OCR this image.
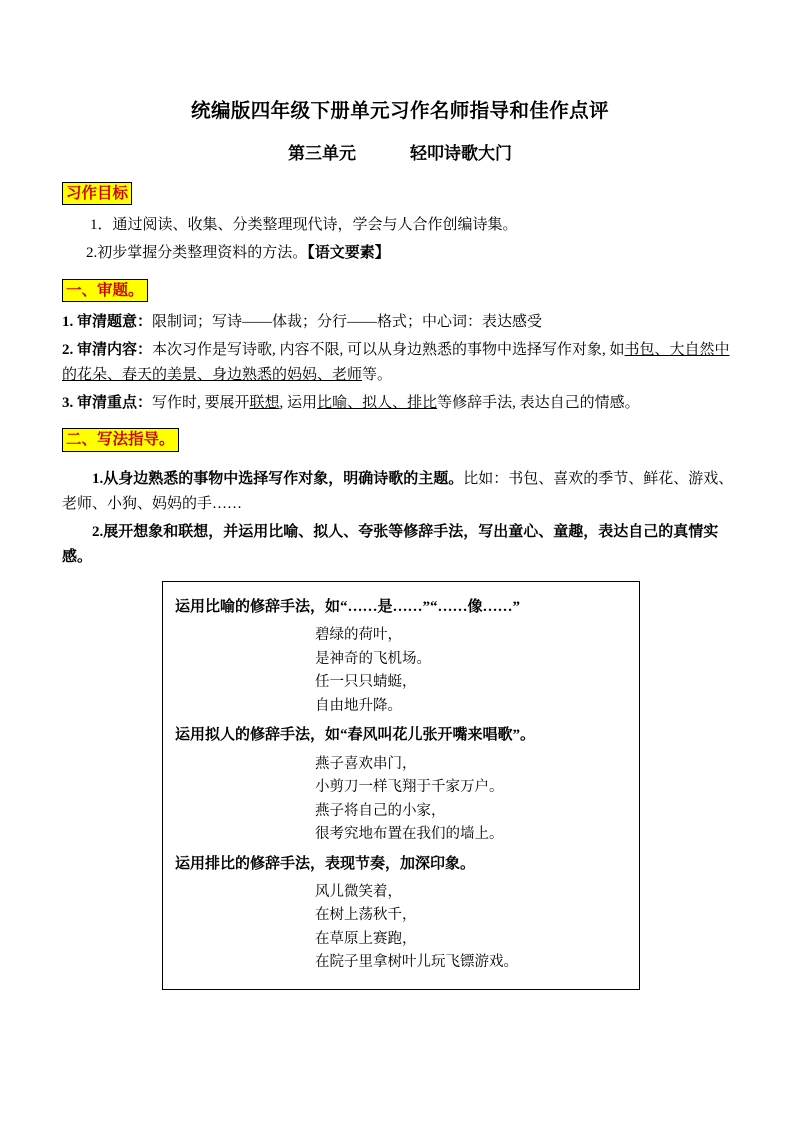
统编版四年级下册单元习作名师指导和佳作点评
第三单元	轻叩诗歌大门
习作目标
1．通过阅读、收集、分类整理现代诗，学会与人合作创编诗集。
2.初步掌握分类整理资料的方法。【语文要素】
一、审题。
1. 审清题意：限制词；写诗——体裁；分行——格式；中心词：表达感受
2. 审清内容：本次习作是写诗歌, 内容不限, 可以从身边熟悉的事物中选择写作对象, 如书包、大自然中的花朵、春天的美景、身边熟悉的妈妈、老师等。
3. 审清重点：写作时, 要展开联想, 运用比喻、拟人、排比等修辞手法, 表达自己的情感。
二、写法指导。
1.从身边熟悉的事物中选择写作对象，明确诗歌的主题。比如：书包、喜欢的季节、鲜花、游戏、老师、小狗、妈妈的手……
2.展开想象和联想，并运用比喻、拟人、夸张等修辞手法，写出童心、童趣，表达自己的真情实感。
运用比喻的修辞手法，如“……是……”“……像……”
碧绿的荷叶，
是神奇的飞机场。
任一只只蜻蜓，
自由地升降。
运用拟人的修辞手法，如“春风叫花儿张开嘴来唱歌”。
燕子喜欢串门，
小剪刀一样飞翔于千家万户。
燕子将自己的小家，
很考究地布置在我们的墙上。
运用排比的修辞手法，表现节奏，加深印象。
风儿微笑着，
在树上荡秋千，
在草原上赛跑，
在院子里拿树叶儿玩飞镖游戏。
